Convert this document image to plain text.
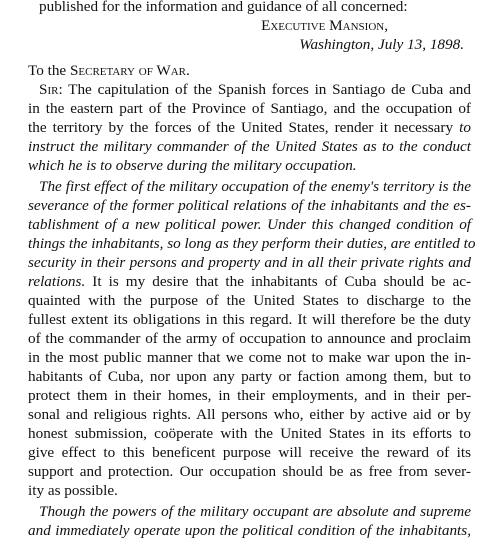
published for the information and guidance of all concerned:
Executive Mansion,
Washington, July 13, 1898.
To the Secretary of War.
Sir: The capitulation of the Spanish forces in Santiago de Cuba and
in the eastern part of the Province of Santiago, and the occupation of
the territory by the forces of the United States, render it necessary to
instruct the military commander of the United States as to the conduct
which he is to observe during the military occupation.
The first effect of the military occupation of the enemy's territory is the
severance of the former political relations of the inhabitants and the es-
tablishment of a new political power. Under this changed condition of
things the inhabitants, so long as they perform their duties, are entitled to
security in their persons and property and in all their private rights and
relations. It is my desire that the inhabitants of Cuba should be ac-
quainted with the purpose of the United States to discharge to the
fullest extent its obligations in this regard. It will therefore be the duty
of the commander of the army of occupation to announce and proclaim
in the most public manner that we come not to make war upon the in-
habitants of Cuba, nor upon any party or faction among them, but to
protect them in their homes, in their employments, and in their per-
sonal and religious rights. All persons who, either by active aid or by
honest submission, coöperate with the United States in its efforts to
give effect to this beneficent purpose will receive the reward of its
support and protection. Our occupation should be as free from sever-
ity as possible.
Though the powers of the military occupant are absolute and supreme
and immediately operate upon the political condition of the inhabitants,
